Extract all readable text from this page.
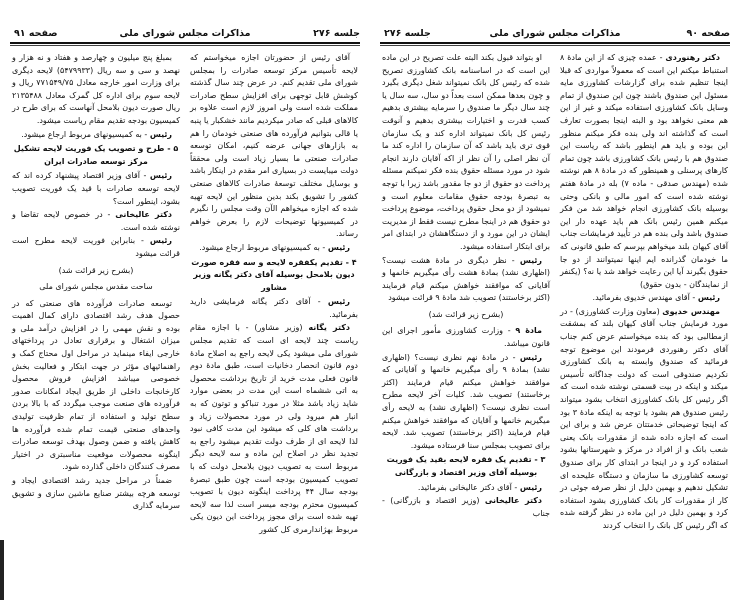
جلسه ۲۷۶
مذاکرات مجلس شورای ملی
صفحه ۹۱
آقای رئیس از حضورتان اجازه میخواستم که لایحه تأسیس مرکز توسعه صادرات را بمجلس شورای ملی تقدیم کنم. در عرض چند سال گذشته کوشش قابل توجهی برای افزایش سطح صادرات مملکت شده است ولی امروز لازم است علاوه بر کالاهای قبلی که صادر میکردیم مانند خشکبار یا پنبه یا قالی بتوانیم فرآورده های صنعتی خودمان را هم به بازارهای جهانی عرضه کنیم، امکان توسعه صادرات صنعتی ما بسیار زیاد است ولی محققاً دولت میبایست در بسیاری امر مقدم در اینکار باشد و بوسایل مختلف توسعهٔ صادرات کالاهای صنعتی کشور را تشویق بکند بدین منظور این لایحه تهیه شده که اجازه میخواهم الآن وقت مجلس را نگیرم در کمیسیونها توضیحات لازم را بعرض خواهم رساند.
رئیس - به کمیسیونهای مربوط ارجاع میشود.
۴ - تقدیم یکفقره لایحه و سه فقره صورت دیون بلامحل بوسیله آقای دکتر یگانه وزیر مشاور
رئیس - آقای دکتر یگانه فرمایشی دارید بفرمائید.
دکتر یگانه (وزیر مشاور) - با اجازه مقام ریاست چند لایحه ای است که تقدیم مجلس شورای ملی میشود یکی لایحه راجع به اصلاح مادهٔ دوم قانون انحصار دخانیات است، طبق مادهٔ دوم قانون فعلی مدت خرید از تاریخ برداشت محصول به اتی ششماه است این مدت در بعضی موارد شاید زیاد باشد مثلا در مورد تنباکو و توتون که به انبار هم میرود ولی در مورد محصولات زیاد و برداشت های کلی که میشود این مدت کافی نبود لذا لایحه ای از طرف دولت تقدیم میشود راجع به تجدید نظر در اصلاح این ماده و سه لایحه دیگر مربوط است به تصویب دیون بلامحل دولت که با تصویب کمیسیون بودجه است چون طبق تبصرهٔ بودجه سال ۴۴ پرداخت اینگونه دیون با تصویب کمیسیون محترم بودجه میسر است لذا سه لایحه تهیه شده است برای مجوز پرداخت این دیون یکی مربوط بهژاندارمری کل کشور
بمبلغ پنج میلیون و چهارصد و هفتاد و نه هزار و نهصد و سی و سه ریال (۵۴۷۹۹۳۳) لایحه دیگری برای وزارت امور خارجه معادل ۷۷۱۵۴۹/۷۵ ریال و لایحه سوم برای اداره کل گمرک معادل ۲۱۳۵۴۸۸ ریال صورت دیون بلامحل آنهاست که برای طرح در کمیسیون بودجه تقدیم مقام ریاست میشود.
رئیس - به کمیسیونهای مربوط ارجاع میشود.
۵ - طرح و تصویب یک فوریت لایحه تشکیل مرکز توسعه صادرات ایران
رئیس - آقای وزیر اقتصاد پیشنهاد کرده اند که لایحه توسعه صادرات با قید یک فوریت تصویب بشود، اینطور است؟
دکتر عالیخانی - در خصوص لایحه تقاضا و نوشته شده است.
رئیس - بنابراین فوریت لایحه مطرح است قرائت میشود
(بشرح زیر قرائت شد)
ساحت مقدس مجلس شورای ملی
توسعه صادرات فرآورده های صنعتی که در حصول هدف رشد اقتصادی دارای کمال اهمیت بوده و نقش مهمی را در افزایش درآمد ملی و میزان اشتغال و برقراری تعادل در پرداختهای خارجی ایفاء مینماید در مراحل اول محتاج کمک و راهنمائیهای مؤثر در جهت ابتکار و فعالیت بخش خصوصی میباشد افزایش فروش محصول کارخانجات داخلی از طریق ایجاد امکانات صدور فرآورده های صنعت موجب میگردد که با بالا بردن سطح تولید و استفاده از تمام ظرفیت تولیدی واحدهای صنعتی قیمت تمام شده فرآورده ها کاهش یافته و ضمن وصول بهدف توسعه صادرات اینگونه محصولات موقعیت مناسبتری در اختیار مصرف کنندگان داخلی گذارده شود.
ضمناً در مراحل جدید رشد اقتصادی ایجاد و توسعه هرچه بیشتر صنایع ماشین سازی و تشویق سرمایه گذاری
جلسه ۲۷۶	مذاکرات مجلس شورای ملی	صفحه ۹۰
دکتر رهنوردی - عمده چیزی که از این مادهٔ ۸ استنباط میکنم این است که معمولاً مواردی که قبلا اینجا تنظیم شده برای گزارشات کشاورزی مایه مسئول این صندوق باشند چون این صندوق از تمام وسایل بانک کشاورزی استفاده میکند و غیر از این هم معنی نخواهد بود و البته اینجا بصورت تعارف است که گذاشته اند ولی بنده فکر میکنم منظور این بوده و باید هم اینطور باشد که ریاست این صندوق هم با رئیس بانک کشاورزی باشد چون تمام کارهای پرسنلی و همینطور که در مادهٔ ۸ هم نوشته شده (مهندس صدقی - ماده ۷) بله در مادهٔ هفتم نوشته شده است که امور مالی و بانکی وحتی بوسیله بانک کشاورزی انجام خواهد شد من فکر میکنم همین رئیس بانک هم باید عهده دار این صندوق باشد ولی بنده هم در تأیید فرمایشات جناب آقای کیهان بلند میخواهم بپرسم که طبق قانونی که ما خودمان گذرانده ایم اینها نمیتوانند از دو جا حقوق بگیرند آیا این رعایت خواهد شد یا نه؟ (یکنفر از نمایندگان - بدون حقوق)
رئیس - آقای مهندس خدیوی بفرمائید.
مهندس خدیوی (معاون وزارت کشاورزی) - در مورد فرمایش جناب آقای کیهان بلند که بمشقت ازمطالبی بود که بنده میخواستم عرض کنم جناب آقای دکتر رهنوردی فرمودند این موضوع توجه فرمائید که صندوق وابسته به بانک کشاورزی نکردیم صندوقی است که دولت جداگانه تأسیس میکند و اینکه در بیت قسمتی نوشته شده است که اگر رئیس کل بانک کشاورزی انتخاب بشود میتواند رئیس صندوق هم بشود با توجه به اینکه مادهٔ ۳ بود که اینجا توضیحاتی خدمتتان عرض شد و برای این است که اجازه داده شده از مقدورات بانک یعنی شعب بانک و از افراد در مرکز و شهرستانها بشود استفاده کرد و در اینجا در ابتدای کار برای صندوق توسعه کشاورزی ما سازمان و دستگاه علیحده ای تشکیل ندهیم و بهمین دلیل از نظر صرفه جوئی در کار از مقدورات کار بانک کشاورزی بشود استفاده کرد و بهمین دلیل در این ماده در نظر گرفته شده که اگر رئیس کل بانک را انتخاب کردند
او بتواند قبول بکند البته علت تصریح در این ماده این است که در اساسنامه بانک کشاورزی تصریح شده که رئیس کل بانک نمیتواند شغل دیگری بگیرد و چون بعدها ممکن است بعداً دو سال، سه سال یا چند سال دیگر ما صندوق را سرمایه بیشتری بدهیم کسب قدرت و اختیارات بیشتری بدهیم و آنوقت رئیس کل بانک نمیتواند اداره کند و یک سازمان قوی تری باید باشد که آن سازمان را اداره کند ما آن نظر اصلی را آن نظر از اکه آقایان دارند انجام شود در مورد مسئله حقوق بنده فکر نمیکنم مسئله پرداخت دو حقوق از دو جا مقدور باشد زیرا با توجه به تبصرهٔ بودجه حقوق مقامات معلوم است و نمیشود از دو محل حقوق پرداخت، موضوع پرداخت دو حقوق هم در اینجا مطرح نیست فقط از مدیریت ایشان در این مورد و از دستگاهشان در ابتدای امر برای ابتکار استفاده میشود.
رئیس - نظر دیگری در مادهٔ هشت نیست؟ (اظهاری نشد) بمادهٔ هشت رأی میگیریم خانمها و آقایانی که موافقند خواهش میکنم قیام فرمایند (اکثر برخاستند) تصویب شد مادهٔ ۹ قرائت میشود
(بشرح زیر قرائت شد)
مادهٔ ۹ - وزارت کشاورزی مأمور اجرای این قانون میباشد.
رئیس - در مادهٔ نهم نظری نیست؟ (اظهاری نشد) بمادهٔ ۹ رأی میگیریم خانمها و آقایانی که موافقند خواهش میکنم قیام فرمایند (اکثر برخاستند) تصویب شد. کلیات آخر لایحه مطرح است نظری نیست؟ (اظهاری نشد) به لایحه رأی میگیریم خانمها و آقایان که موافقند خواهش میکنم قیام فرمایند (اکثر برخاستند) تصویب شد. لایحه برای تصویب بمجلس سنا فرستاده میشود.
۳ - تقدیم یک فقره لایحه بقید یک فوریت بوسیله آقای وزیر اقتصاد و بازرگانی
رئیس - آقای دکتر عالیخانی بفرمائید.
دکتر عالیخانی (وزیر اقتصاد و بازرگانی) - جناب
